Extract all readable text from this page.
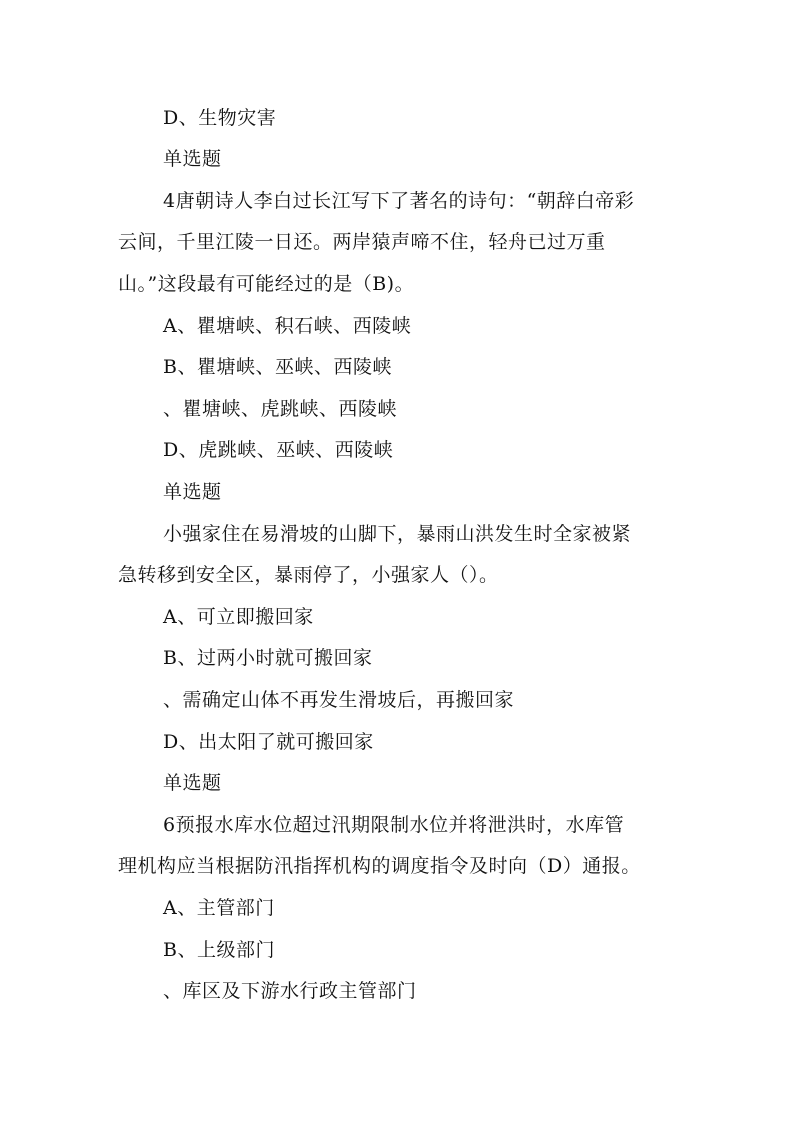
D、生物灾害
单选题
4唐朝诗人李白过长江写下了著名的诗句：“朝辞白帝彩
云间，千里江陵一日还。两岸猿声啼不住，轻舟已过万重
山。”这段最有可能经过的是（B)。
A、瞿塘峡、积石峡、西陵峡
B、瞿塘峡、巫峡、西陵峡
、瞿塘峡、虎跳峡、西陵峡
D、虎跳峡、巫峡、西陵峡
单选题
小强家住在易滑坡的山脚下，暴雨山洪发生时全家被紧
急转移到安全区，暴雨停了，小强家人（）。
A、可立即搬回家
B、过两小时就可搬回家
、需确定山体不再发生滑坡后，再搬回家
D、出太阳了就可搬回家
单选题
6预报水库水位超过汛期限制水位并将泄洪时，水库管
理机构应当根据防汛指挥机构的调度指令及时向（D）通报。
A、主管部门
B、上级部门
、库区及下游水行政主管部门
